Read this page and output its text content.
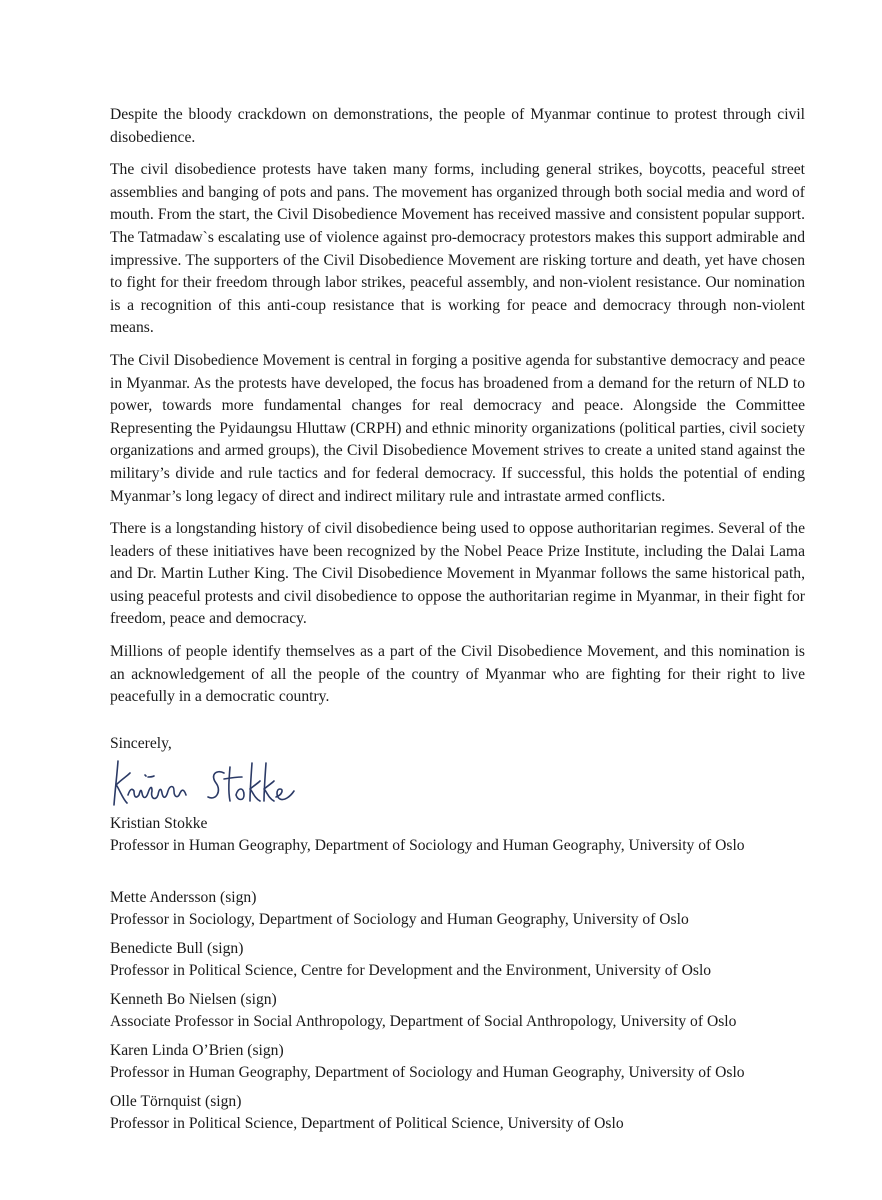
Despite the bloody crackdown on demonstrations, the people of Myanmar continue to protest through civil disobedience.

The civil disobedience protests have taken many forms, including general strikes, boycotts, peaceful street assemblies and banging of pots and pans. The movement has organized through both social media and word of mouth. From the start, the Civil Disobedience Movement has received massive and consistent popular support. The Tatmadaw`s escalating use of violence against pro-democracy protestors makes this support admirable and impressive. The supporters of the Civil Disobedience Movement are risking torture and death, yet have chosen to fight for their freedom through labor strikes, peaceful assembly, and non-violent resistance. Our nomination is a recognition of this anti-coup resistance that is working for peace and democracy through non-violent means.

The Civil Disobedience Movement is central in forging a positive agenda for substantive democracy and peace in Myanmar. As the protests have developed, the focus has broadened from a demand for the return of NLD to power, towards more fundamental changes for real democracy and peace. Alongside the Committee Representing the Pyidaungsu Hluttaw (CRPH) and ethnic minority organizations (political parties, civil society organizations and armed groups), the Civil Disobedience Movement strives to create a united stand against the military’s divide and rule tactics and for federal democracy. If successful, this holds the potential of ending Myanmar’s long legacy of direct and indirect military rule and intrastate armed conflicts.

There is a longstanding history of civil disobedience being used to oppose authoritarian regimes. Several of the leaders of these initiatives have been recognized by the Nobel Peace Prize Institute, including the Dalai Lama and Dr. Martin Luther King. The Civil Disobedience Movement in Myanmar follows the same historical path, using peaceful protests and civil disobedience to oppose the authoritarian regime in Myanmar, in their fight for freedom, peace and democracy.

Millions of people identify themselves as a part of the Civil Disobedience Movement, and this nomination is an acknowledgement of all the people of the country of Myanmar who are fighting for their right to live peacefully in a democratic country.

Sincerely,

Kristian Stokke
Professor in Human Geography, Department of Sociology and Human Geography, University of Oslo
Mette Andersson (sign)
Professor in Sociology, Department of Sociology and Human Geography, University of Oslo
Benedicte Bull (sign)
Professor in Political Science, Centre for Development and the Environment, University of Oslo
Kenneth Bo Nielsen (sign)
Associate Professor in Social Anthropology, Department of Social Anthropology, University of Oslo
Karen Linda O’Brien (sign)
Professor in Human Geography, Department of Sociology and Human Geography, University of Oslo
Olle Törnquist (sign)
Professor in Political Science, Department of Political Science, University of Oslo
